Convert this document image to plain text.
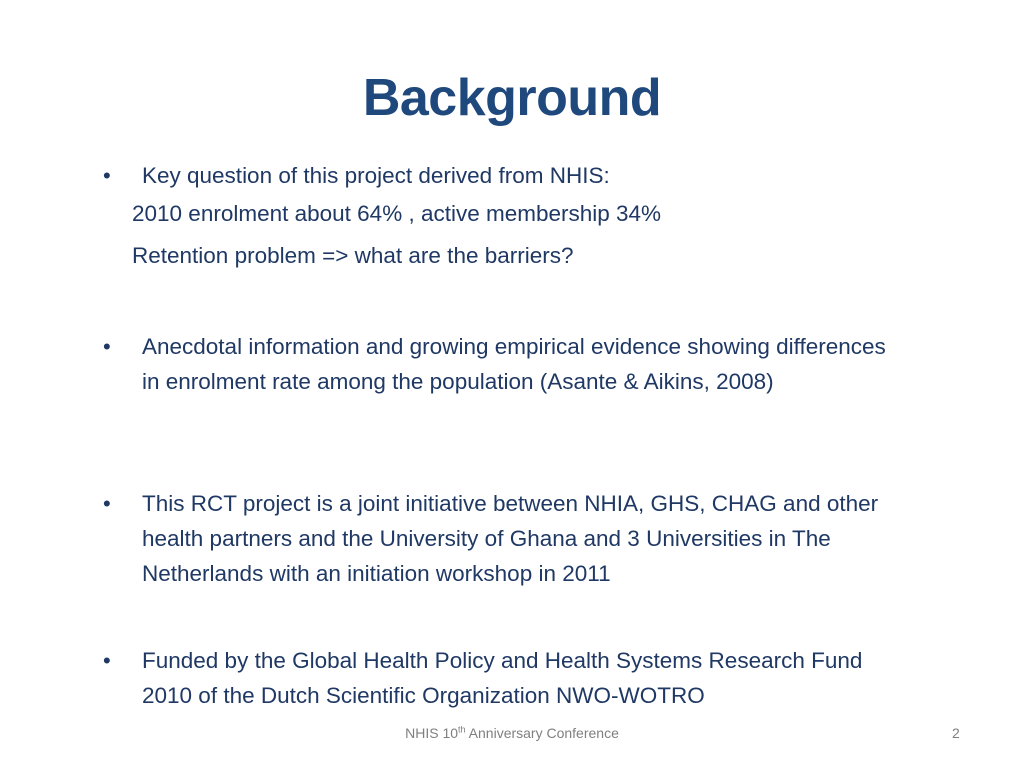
Background
• Key question of this project derived from NHIS:
2010 enrolment about 64% , active membership 34%
Retention problem => what are the barriers?
• Anecdotal information and growing empirical evidence showing differences in enrolment rate among the population (Asante & Aikins, 2008)
• This RCT project is a joint initiative between NHIA, GHS, CHAG and other health partners and the University of Ghana and 3 Universities in The Netherlands with an initiation workshop in 2011
• Funded by the Global Health Policy and Health Systems Research Fund 2010 of the Dutch Scientific Organization NWO-WOTRO
NHIS 10th Anniversary Conference	2
